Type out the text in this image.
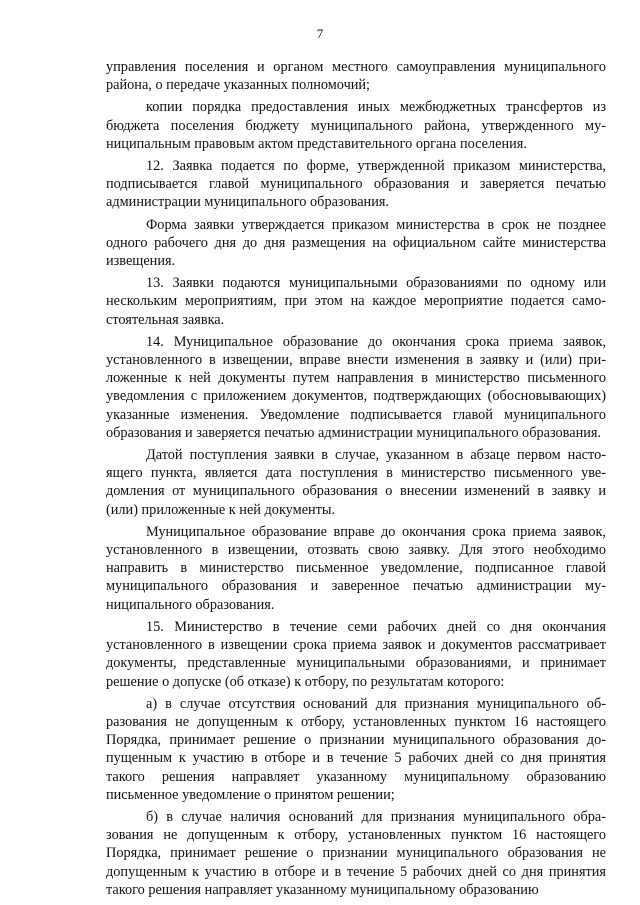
7

управления поселения и органом местного самоуправления муниципального района, о передаче указанных полномочий;

копии порядка предоставления иных межбюджетных трансфертов из бюджета поселения бюджету муниципального района, утвержденного муниципальным правовым актом представительного органа поселения.

12. Заявка подается по форме, утвержденной приказом министерства, подписывается главой муниципального образования и заверяется печатью администрации муниципального образования.

Форма заявки утверждается приказом министерства в срок не позднее одного рабочего дня до дня размещения на официальном сайте министерства извещения.

13. Заявки подаются муниципальными образованиями по одному или нескольким мероприятиям, при этом на каждое мероприятие подается самостоятельная заявка.

14. Муниципальное образование до окончания срока приема заявок, установленного в извещении, вправе внести изменения в заявку и (или) приложенные к ней документы путем направления в министерство письменного уведомления с приложением документов, подтверждающих (обосновывающих) указанные изменения. Уведомление подписывается главой муниципального образования и заверяется печатью администрации муниципального образования.

Датой поступления заявки в случае, указанном в абзаце первом настоящего пункта, является дата поступления в министерство письменного уведомления от муниципального образования о внесении изменений в заявку и (или) приложенные к ней документы.

Муниципальное образование вправе до окончания срока приема заявок, установленного в извещении, отозвать свою заявку. Для этого необходимо направить в министерство письменное уведомление, подписанное главой муниципального образования и заверенное печатью администрации муниципального образования.

15. Министерство в течение семи рабочих дней со дня окончания установленного в извещении срока приема заявок и документов рассматривает документы, представленные муниципальными образованиями, и принимает решение о допуске (об отказе) к отбору, по результатам которого:

а) в случае отсутствия оснований для признания муниципального образования не допущенным к отбору, установленных пунктом 16 настоящего Порядка, принимает решение о признании муниципального образования допущенным к участию в отборе и в течение 5 рабочих дней со дня принятия такого решения направляет указанному муниципальному образованию письменное уведомление о принятом решении;

б) в случае наличия оснований для признания муниципального образования не допущенным к отбору, установленных пунктом 16 настоящего Порядка, принимает решение о признании муниципального образования не допущенным к участию в отборе и в течение 5 рабочих дней со дня принятия такого решения направляет указанному муниципальному образованию
